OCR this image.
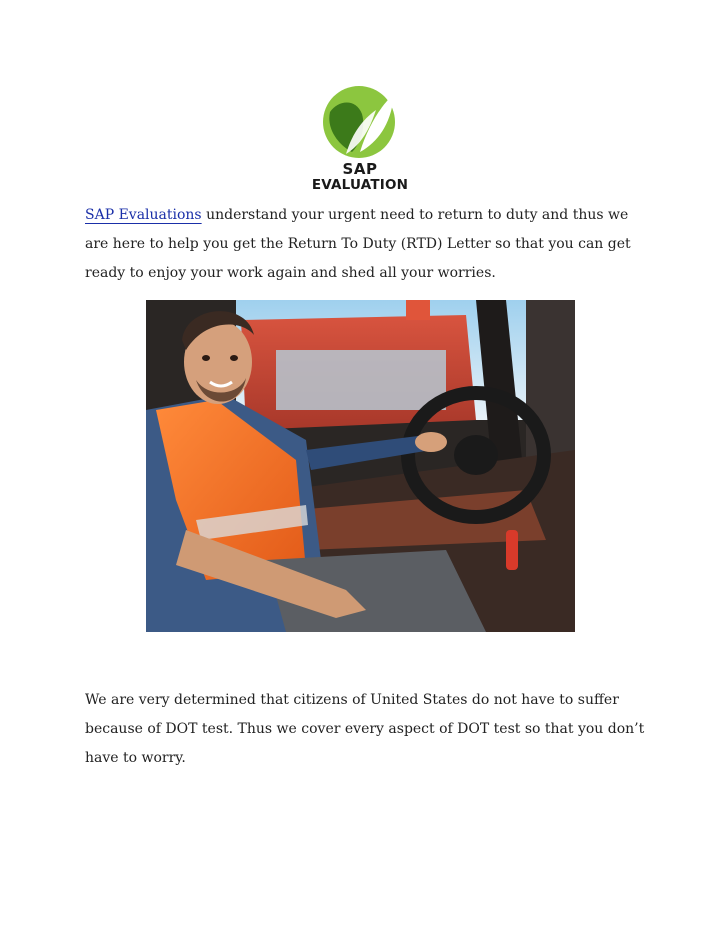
SAP
EVALUATION

SAP Evaluations understand your urgent need to return to duty and thus we are here to help you get the Return To Duty (RTD) Letter so that you can get ready to enjoy your work again and shed all your worries.

We are very determined that citizens of United States do not have to suffer because of DOT test. Thus we cover every aspect of DOT test so that you don’t have to worry.
